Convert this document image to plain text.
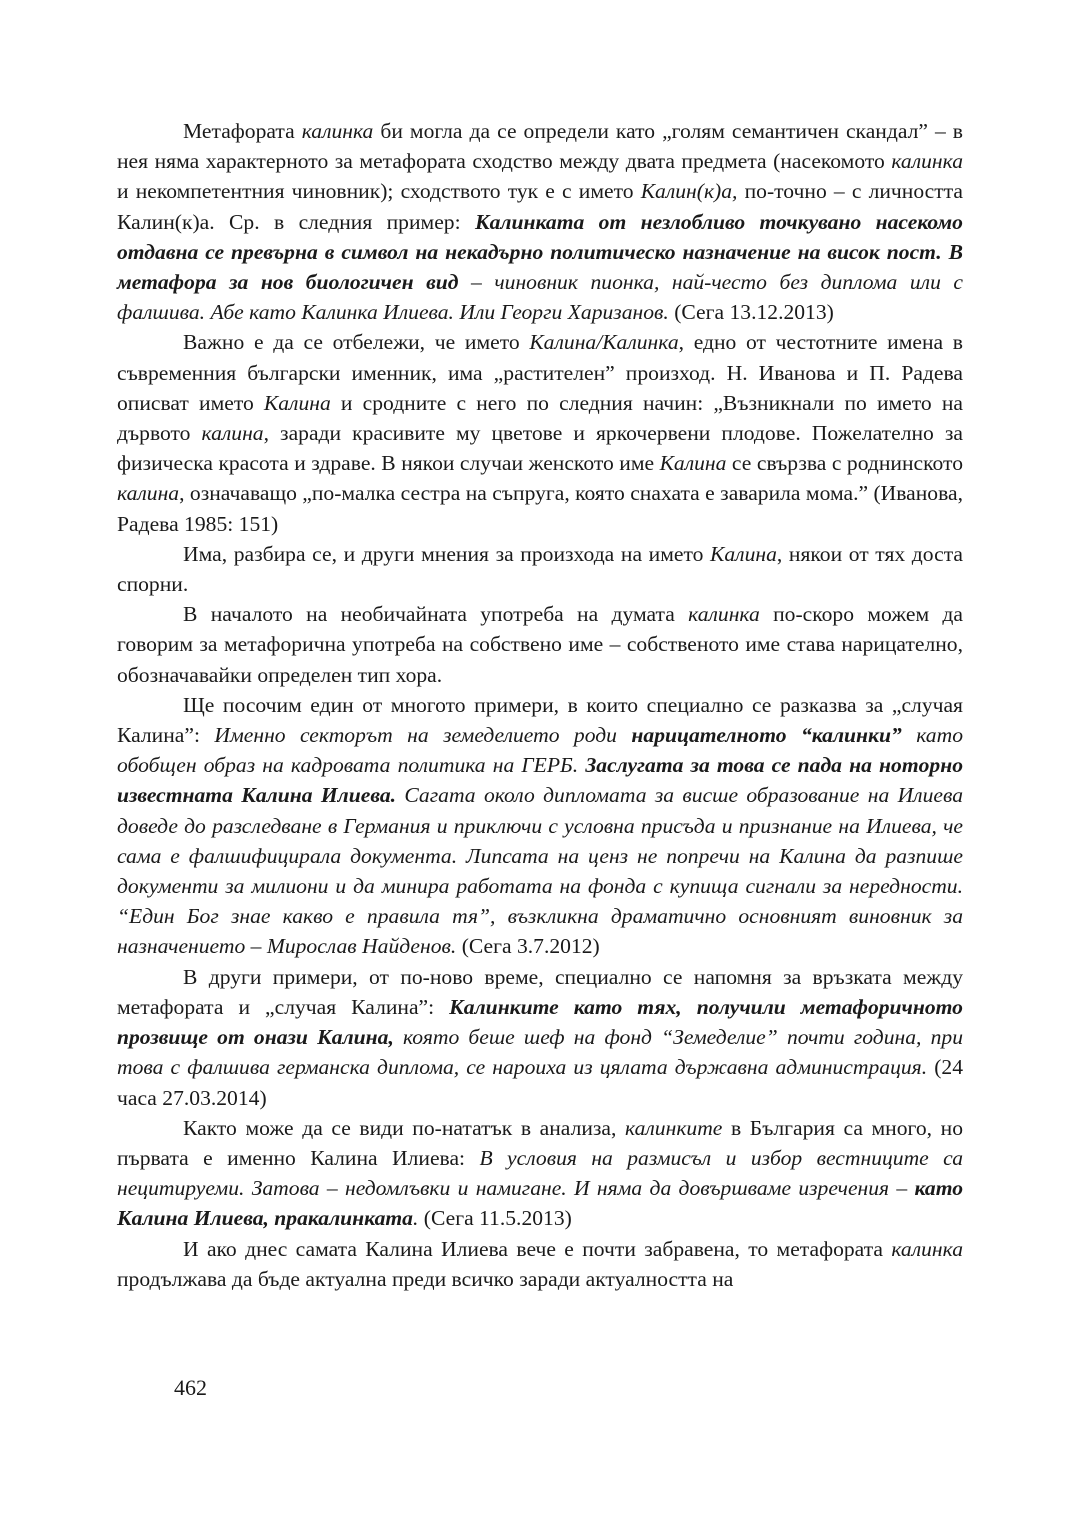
Метафората калинка би могла да се определи като „голям семантичен скандал” – в нея няма характерното за метафората сходство между двата предмета (насекомото калинка и некомпетентния чиновник); сходството тук е с името Калин(к)а, по-точно – с личността Калин(к)а. Ср. в следния пример: Калинката от незлобливо точкувано насекомо отдавна се превърна в символ на некадърно политическо назначение на висок пост. В метафора за нов биологичен вид – чиновник пионка, най-често без диплома или с фалшива. Абе като Калинка Илиева. Или Георги Харизанов. (Сега 13.12.2013)

Важно е да се отбележи, че името Калина/Калинка, едно от честотните имена в съвременния български именник, има „растителен” произход. Н. Иванова и П. Радева описват името Калина и сродните с него по следния начин: „Възникнали по името на дървото калина, заради красивите му цветове и яркочервени плодове. Пожелателно за физическа красота и здраве. В някои случаи женското име Калина се свързва с роднинското калина, означаващо „по-малка сестра на съпруга, която снахата е заварила мома.” (Иванова, Радева 1985: 151)

Има, разбира се, и други мнения за произхода на името Калина, някои от тях доста спорни.

В началото на необичайната употреба на думата калинка по-скоро можем да говорим за метафорична употреба на собствено име – собственото име става нарицателно, обозначавайки определен тип хора.

Ще посочим един от многото примери, в които специално се разказва за „случая Калина”: Именно секторът на земеделието роди нарицателното “калинки” като обобщен образ на кадровата политика на ГЕРБ. Заслугата за това се пада на нотoрно известната Калина Илиева. Сагата около дипломата за висше образование на Илиева доведе до разследване в Германия и приключи с условна присъда и признание на Илиева, че сама е фалшифицирала документа. Липсата на ценз не попречи на Калина да разпише документи за милиони и да минира работата на фонда с купища сигнали за нередности. “Един Бог знае какво е правила тя”, възкликна драматично основният виновник за назначението – Мирослав Найденов. (Сега 3.7.2012)

В други примери, от по-ново време, специално се напомня за връзката между метафората и „случая Калина”: Калинките като тях, получили метафоричното прозвище от онази Калина, която беше шеф на фонд “Земеделие” почти година, при това с фалшива германска диплома, се нароиха из цялата държавна администрация. (24 часа 27.03.2014)

Както може да се види по-нататък в анализа, калинките в България са много, но първата е именно Калина Илиева: В условия на размисъл и избор вестниците са нецитируеми. Затова – недомлъвки и намигане. И няма да довършваме изречения – като Калина Илиева, пракалинката. (Сега 11.5.2013)

И ако днес самата Калина Илиева вече е почти забравена, то метафората калинка продължава да бъде актуална преди всичко заради актуалността на

462
